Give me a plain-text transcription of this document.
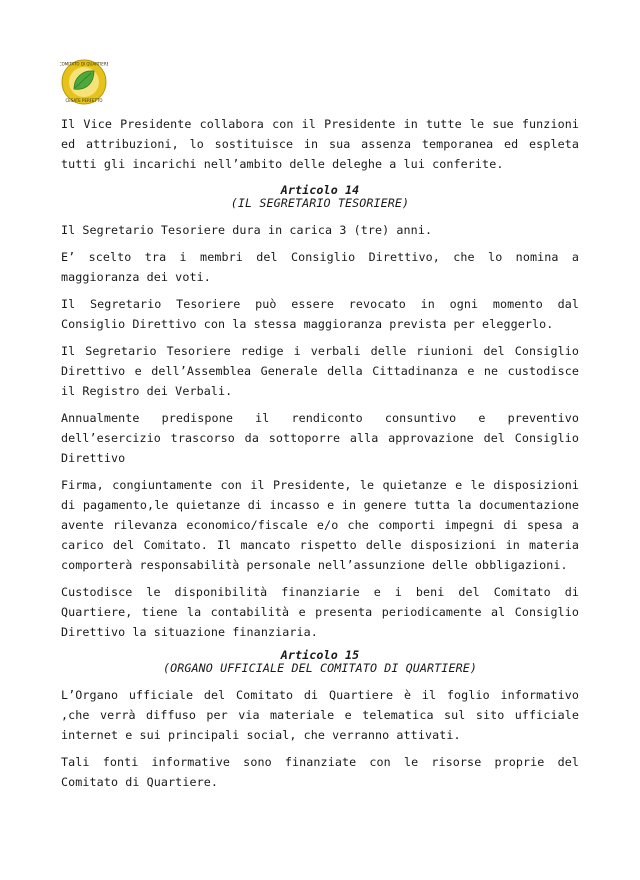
COMITATO DI QUARTIERE
CESATE PERFETTO

Il Vice Presidente collabora con il Presidente in tutte le sue funzioni ed attribuzioni, lo sostituisce in sua assenza temporanea ed espleta tutti gli incarichi nell’ambito delle deleghe a lui conferite.

Articolo 14
(IL SEGRETARIO TESORIERE)

Il Segretario Tesoriere dura in carica 3 (tre) anni.

E’ scelto tra i membri del Consiglio Direttivo, che lo nomina a maggioranza dei voti.

Il Segretario Tesoriere può essere revocato in ogni momento dal Consiglio Direttivo con la stessa maggioranza prevista per eleggerlo.

Il Segretario Tesoriere redige i verbali delle riunioni del Consiglio Direttivo e dell’Assemblea Generale della Cittadinanza e ne custodisce il Registro dei Verbali.

Annualmente predispone il rendiconto consuntivo e preventivo dell’esercizio trascorso da sottoporre alla approvazione del Consiglio Direttivo

Firma, congiuntamente con il Presidente, le quietanze e le disposizioni di pagamento,le quietanze di incasso e in genere tutta la documentazione avente rilevanza economico/fiscale e/o che comporti impegni di spesa a carico del Comitato. Il mancato rispetto delle disposizioni in materia comporterà responsabilità personale nell’assunzione delle obbligazioni.

Custodisce le disponibilità finanziarie e i beni del Comitato di Quartiere, tiene la contabilità e presenta periodicamente al Consiglio Direttivo la situazione finanziaria.

Articolo 15
(ORGANO UFFICIALE DEL COMITATO DI QUARTIERE)

L’Organo ufficiale del Comitato di Quartiere è il foglio informativo ,che verrà diffuso per via materiale e telematica sul sito ufficiale internet e sui principali social, che verranno attivati.

Tali fonti informative sono finanziate con le risorse proprie del Comitato di Quartiere.
